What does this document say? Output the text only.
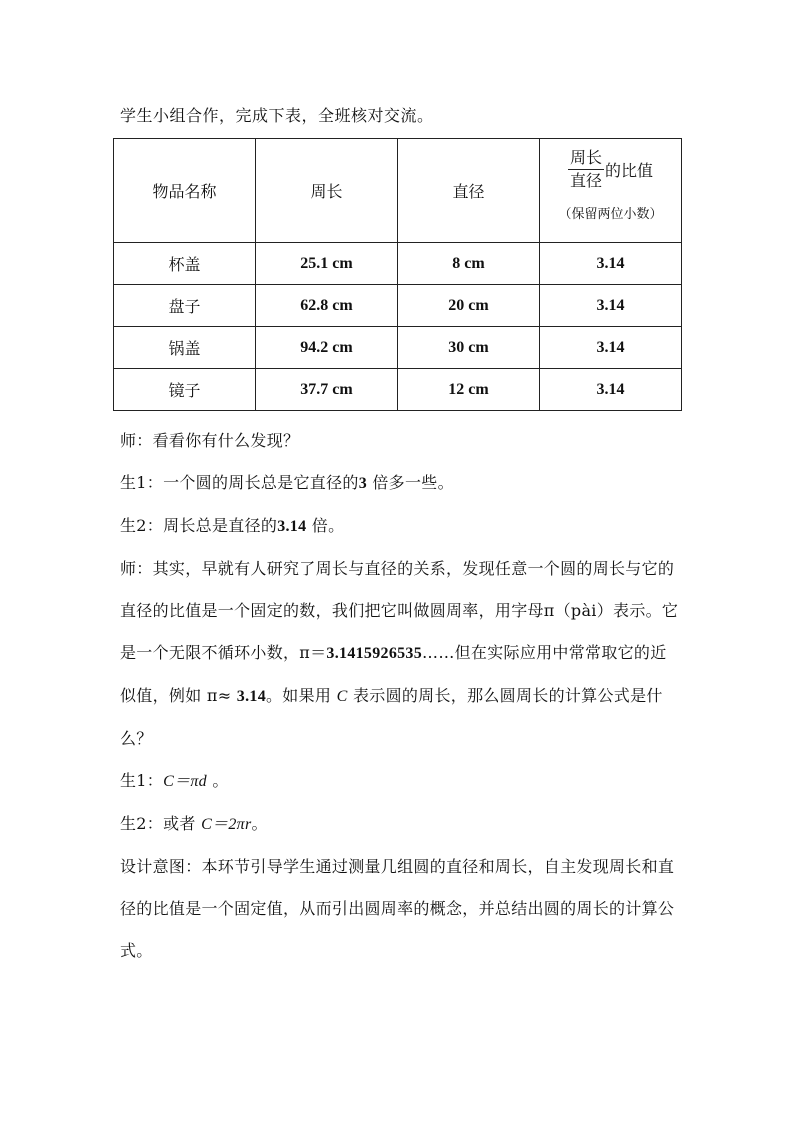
学生小组合作，完成下表，全班核对交流。
物品名称	周长	直径	$\frac{\text{周长}}{\text{直径}}$ 的比值
（保留两位小数）

杯盖	25.1 cm	8 cm	3.14
盘子	62.8 cm	20 cm	3.14
锅盖	94.2 cm	30 cm	3.14
镜子	37.7 cm	12 cm	3.14

师：看看你有什么发现？

生1：一个圆的周长总是它直径的3 倍多一些。

生2：周长总是直径的3.14 倍。

师：其实，早就有人研究了周长与直径的关系，发现任意一个圆的周长与它的直径的比值是一个固定的数，我们把它叫做圆周率，用字母π（pài）表示。它是一个无限不循环小数，π＝3.1415926535……但在实际应用中常常取它的近似值，例如 π≈ 3.14。如果用 C 表示圆的周长，那么圆周长的计算公式是什么？

生1：C＝πd 。

生2：或者 C＝2πr。

设计意图：本环节引导学生通过测量几组圆的直径和周长，自主发现周长和直径的比值是一个固定值，从而引出圆周率的概念，并总结出圆的周长的计算公式。
